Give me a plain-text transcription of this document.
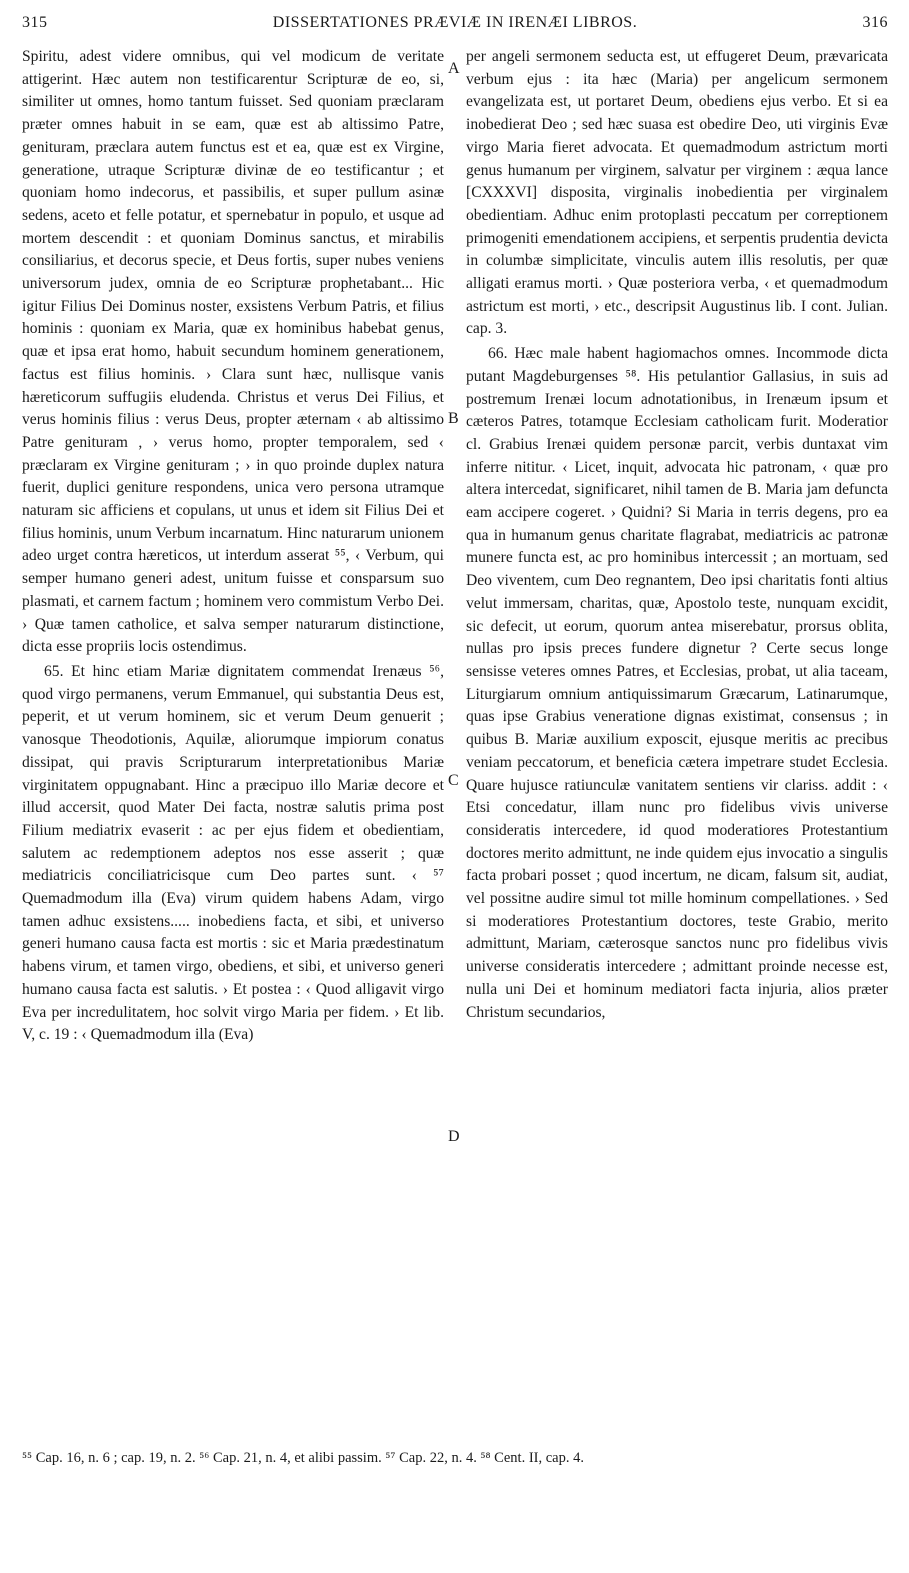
315	DISSERTATIONES PRÆVIÆ IN IRENÆI LIBROS.	316

Spiritu, adest videre omnibus, qui vel modicum de veritate attigerint. Hæc autem non testificarentur Scripturæ de eo, si, similiter ut omnes, homo tantum fuisset. Sed quoniam præclaram præter omnes habuit in se eam, quæ est ab altissimo Patre, genituram, præclara autem functus est et ea, quæ est ex Virgine, generatione, utraque Scripturæ divinæ de eo testificantur ; et quoniam homo indecorus, et passibilis, et super pullum asinæ sedens, aceto et felle potatur, et spernebatur in populo, et usque ad mortem descendit : et quoniam Dominus sanctus, et mirabilis consiliarius, et decorus specie, et Deus fortis, super nubes veniens universorum judex, omnia de eo Scripturæ prophetabant... Hic igitur Filius Dei Dominus noster, exsistens Verbum Patris, et filius hominis : quoniam ex Maria, quæ ex hominibus habebat genus, quæ et ipsa erat homo, habuit secundum hominem generationem, factus est filius hominis. › Clara sunt hæc, nullisque vanis hæreticorum suffugiis eludenda. Christus et verus Dei Filius, et verus hominis filius : verus Deus, propter æternam ‹ ab altissimo Patre genituram , › verus homo, propter temporalem, sed ‹ præclaram ex Virgine genituram ; › in quo proinde duplex natura fuerit, duplici geniture respondens, unica vero persona utramque naturam sic afficiens et copulans, ut unus et idem sit Filius Dei et filius hominis, unum Verbum incarnatum. Hinc naturarum unionem adeo urget contra hæreticos, ut interdum asserat ⁵⁵, ‹ Verbum, qui semper humano generi adest, unitum fuisse et consparsum suo plasmati, et carnem factum ; hominem vero commistum Verbo Dei. › Quæ tamen catholice, et salva semper naturarum distinctione, dicta esse propriis locis ostendimus.

65. Et hinc etiam Mariæ dignitatem commendat Irenæus ⁵⁶, quod virgo permanens, verum Emmanuel, qui substantia Deus est, peperit, et ut verum hominem, sic et verum Deum genuerit ; vanosque Theodotionis, Aquilæ, aliorumque impiorum conatus dissipat, qui pravis Scripturarum interpretationibus Mariæ virginitatem oppugnabant. Hinc a præcipuo illo Mariæ decore et illud accersit, quod Mater Dei facta, nostræ salutis prima post Filium mediatrix evaserit : ac per ejus fidem et obedientiam, salutem ac redemptionem adeptos nos esse asserit ; quæ mediatricis conciliatricisque cum Deo partes sunt. ‹ ⁵⁷ Quemadmodum illa (Eva) virum quidem habens Adam, virgo tamen adhuc exsistens..... inobediens facta, et sibi, et universo generi humano causa facta est mortis : sic et Maria prædestinatum habens virum, et tamen virgo, obediens, et sibi, et universo generi humano causa facta est salutis. › Et postea : ‹ Quod alligavit virgo Eva per incredulitatem, hoc solvit virgo Maria per fidem. › Et lib. V, c. 19 : ‹ Quemadmodum illa (Eva)

per angeli sermonem seducta est, ut effugeret Deum, prævaricata verbum ejus : ita hæc (Maria) per angelicum sermonem evangelizata est, ut portaret Deum, obediens ejus verbo. Et si ea inobedierat Deo ; sed hæc suasa est obedire Deo, uti virginis Evæ virgo Maria fieret advocata. Et quemadmodum astrictum morti genus humanum per virginem, salvatur per virginem : æqua lance [CXXXVI] disposita, virginalis inobedientia per virginalem obedientiam. Adhuc enim protoplasti peccatum per correptionem primogeniti emendationem accipiens, et serpentis prudentia devicta in columbæ simplicitate, vinculis autem illis resolutis, per quæ alligati eramus morti. › Quæ posteriora verba, ‹ et quemadmodum astrictum est morti, › etc., descripsit Augustinus lib. I cont. Julian. cap. 3.

66. Hæc male habent hagiomachos omnes. Incommode dicta putant Magdeburgenses ⁵⁸. His petulantior Gallasius, in suis ad postremum Irenæi locum adnotationibus, in Irenæum ipsum et cæteros Patres, totamque Ecclesiam catholicam furit. Moderatior cl. Grabius Irenæi quidem personæ parcit, verbis duntaxat vim inferre nititur. ‹ Licet, inquit, advocata hic patronam, ‹ quæ pro altera intercedat, significaret, nihil tamen de B. Maria jam defuncta eam accipere cogeret. › Quidni? Si Maria in terris degens, pro ea qua in humanum genus charitate flagrabat, mediatricis ac patronæ munere functa est, ac pro hominibus intercessit ; an mortuam, sed Deo viventem, cum Deo regnantem, Deo ipsi charitatis fonti altius velut immersam, charitas, quæ, Apostolo teste, nunquam excidit, sic defecit, ut eorum, quorum antea miserebatur, prorsus oblita, nullas pro ipsis preces fundere dignetur ? Certe secus longe sensisse veteres omnes Patres, et Ecclesias, probat, ut alia taceam, Liturgiarum omnium antiquissimarum Græcarum, Latinarumque, quas ipse Grabius veneratione dignas existimat, consensus ; in quibus B. Mariæ auxilium exposcit, ejusque meritis ac precibus veniam peccatorum, et beneficia cætera impetrare studet Ecclesia. Quare hujusce ratiunculæ vanitatem sentiens vir clariss. addit : ‹ Etsi concedatur, illam nunc pro fidelibus vivis universe consideratis intercedere, id quod moderatiores Protestantium doctores merito admittunt, ne inde quidem ejus invocatio a singulis facta probari posset ; quod incertum, ne dicam, falsum sit, audiat, vel possitne audire simul tot mille hominum compellationes. › Sed si moderatiores Protestantium doctores, teste Grabio, merito admittunt, Mariam, cæterosque sanctos nunc pro fidelibus vivis universe consideratis intercedere ; admittant proinde necesse est, nulla uni Dei et hominum mediatori facta injuria, alios præter Christum secundarios,

A
B
C
D
⁵⁵ Cap. 16, n. 6 ; cap. 19, n. 2. ⁵⁶ Cap. 21, n. 4, et alibi passim. ⁵⁷ Cap. 22, n. 4. ⁵⁸ Cent. II, cap. 4.
